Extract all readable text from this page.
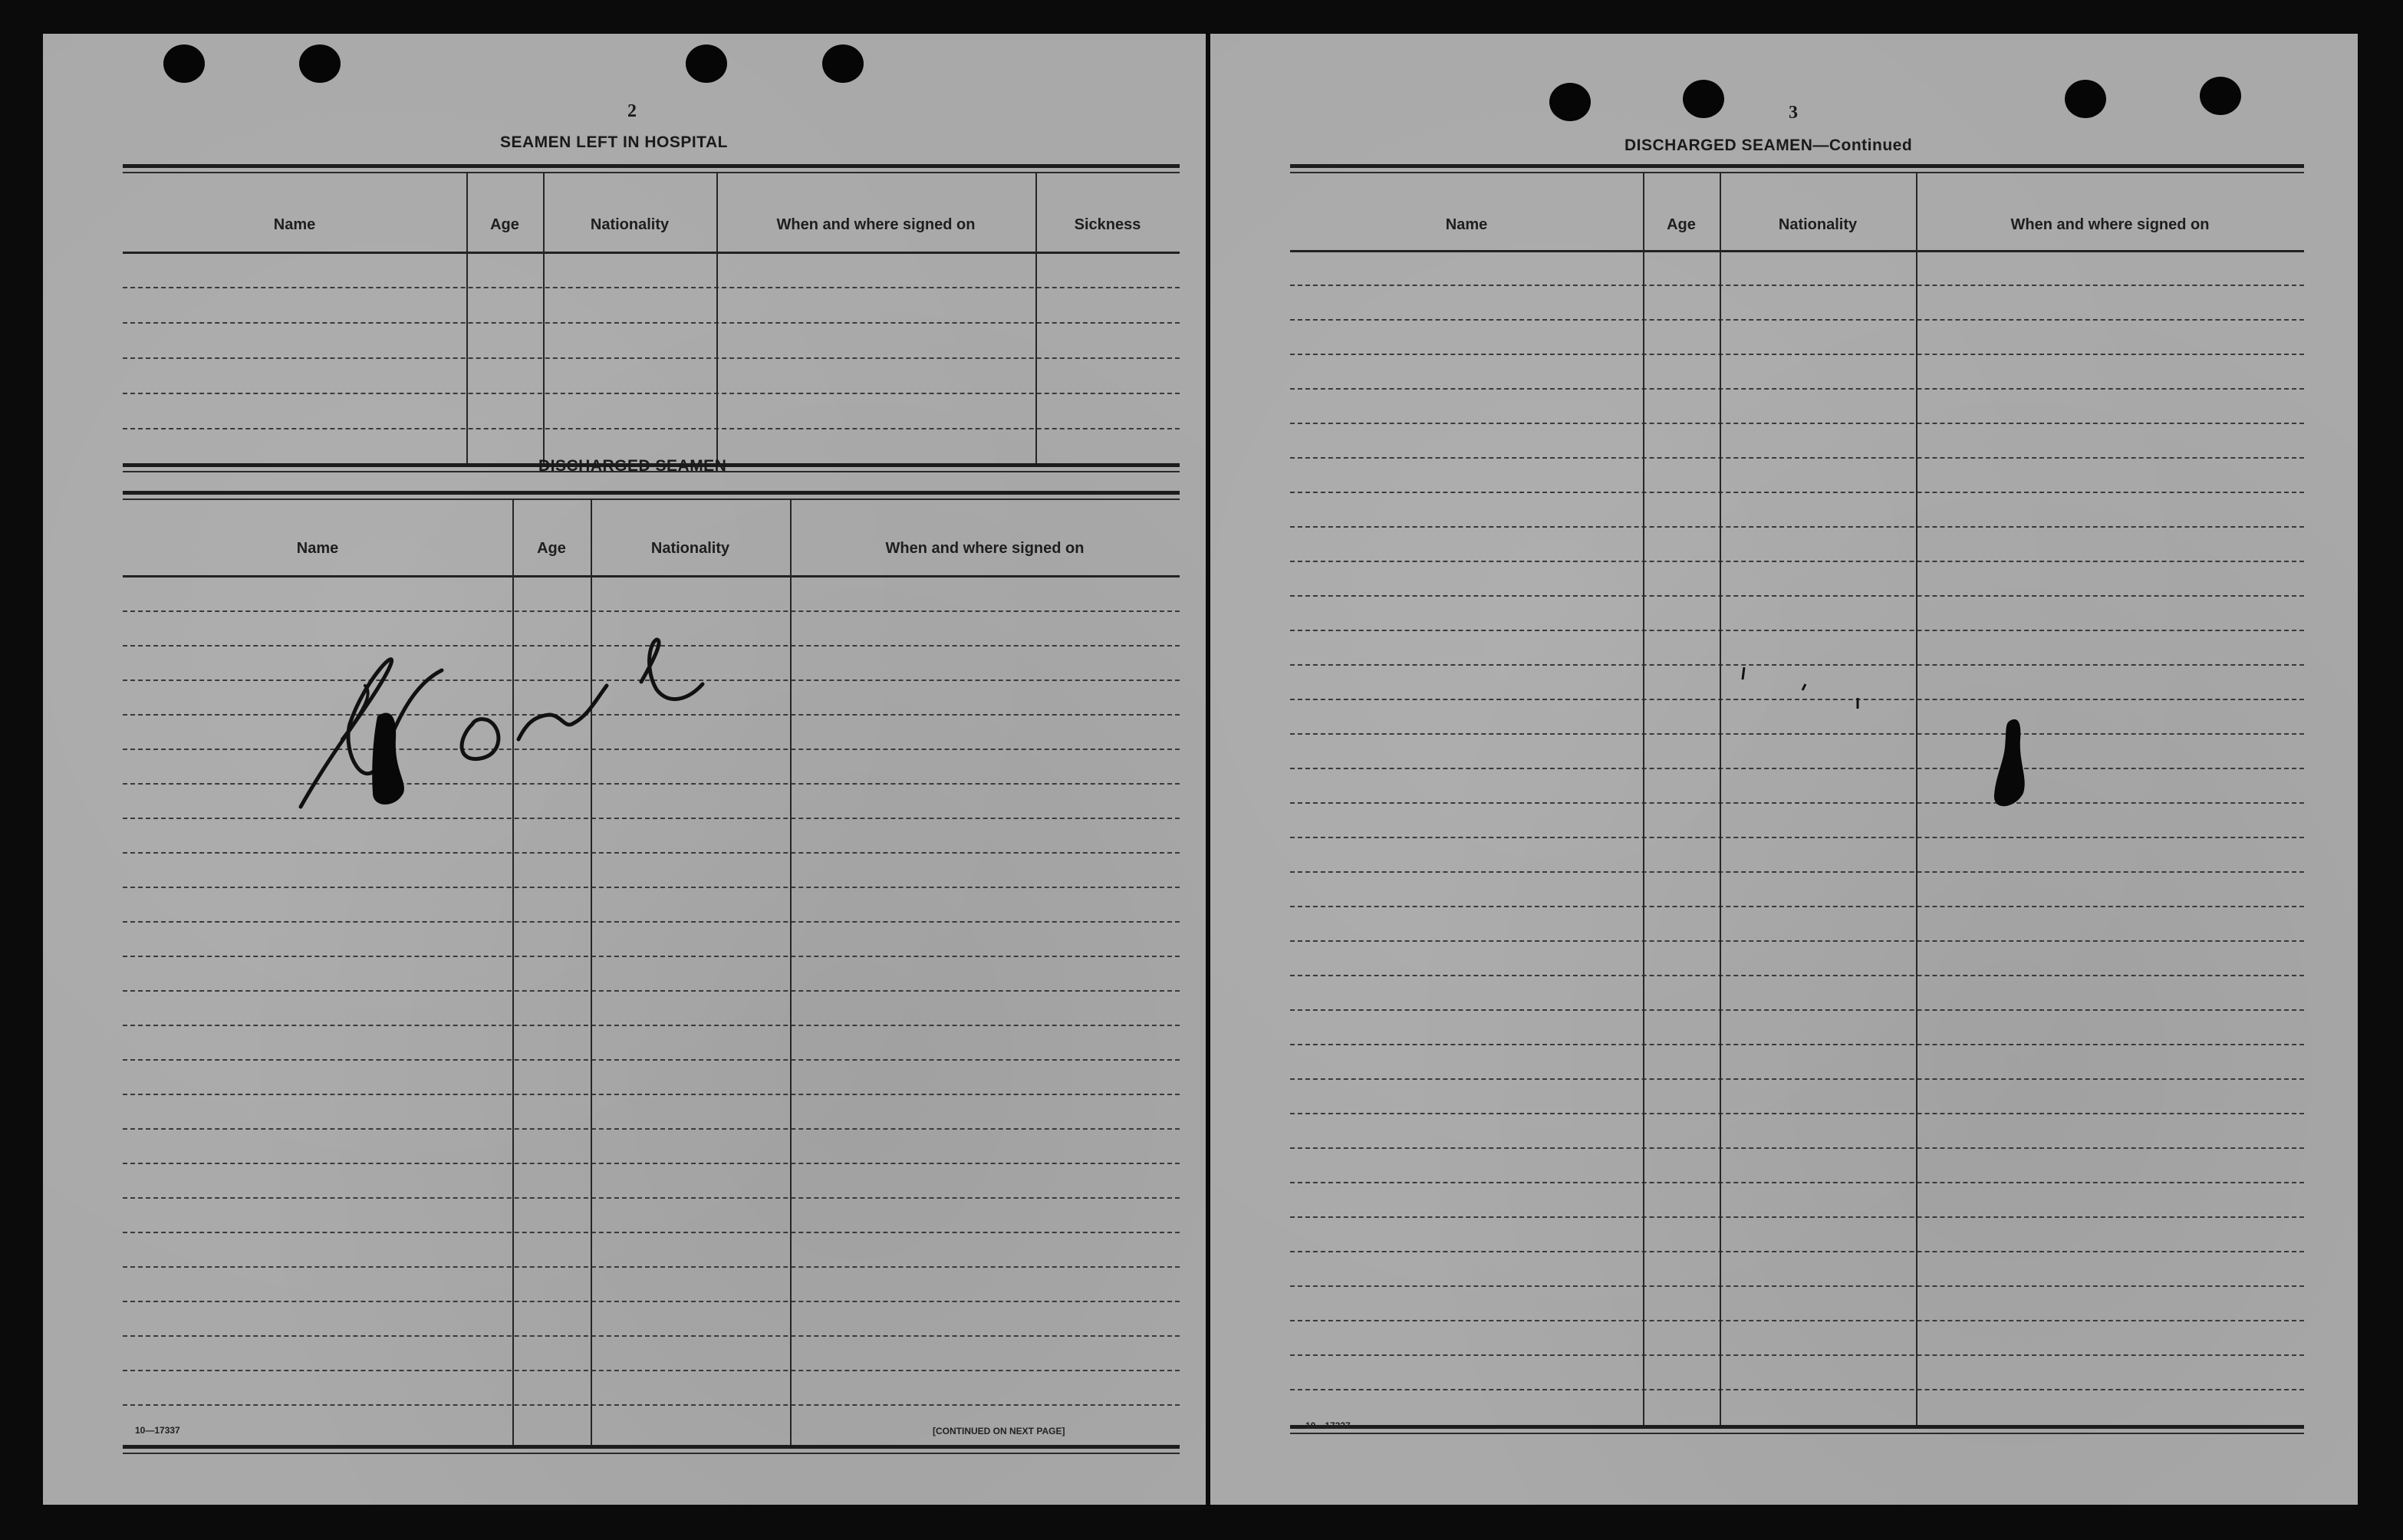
2
SEAMEN LEFT IN HOSPITAL
Name	Age	Nationality	When and where signed on	Sickness
DISCHARGED SEAMEN
Name	Age	Nationality	When and where signed on
10—17337	[CONTINUED ON NEXT PAGE]
3
DISCHARGED SEAMEN—Continued
Name	Age	Nationality	When and where signed on
10—17337
